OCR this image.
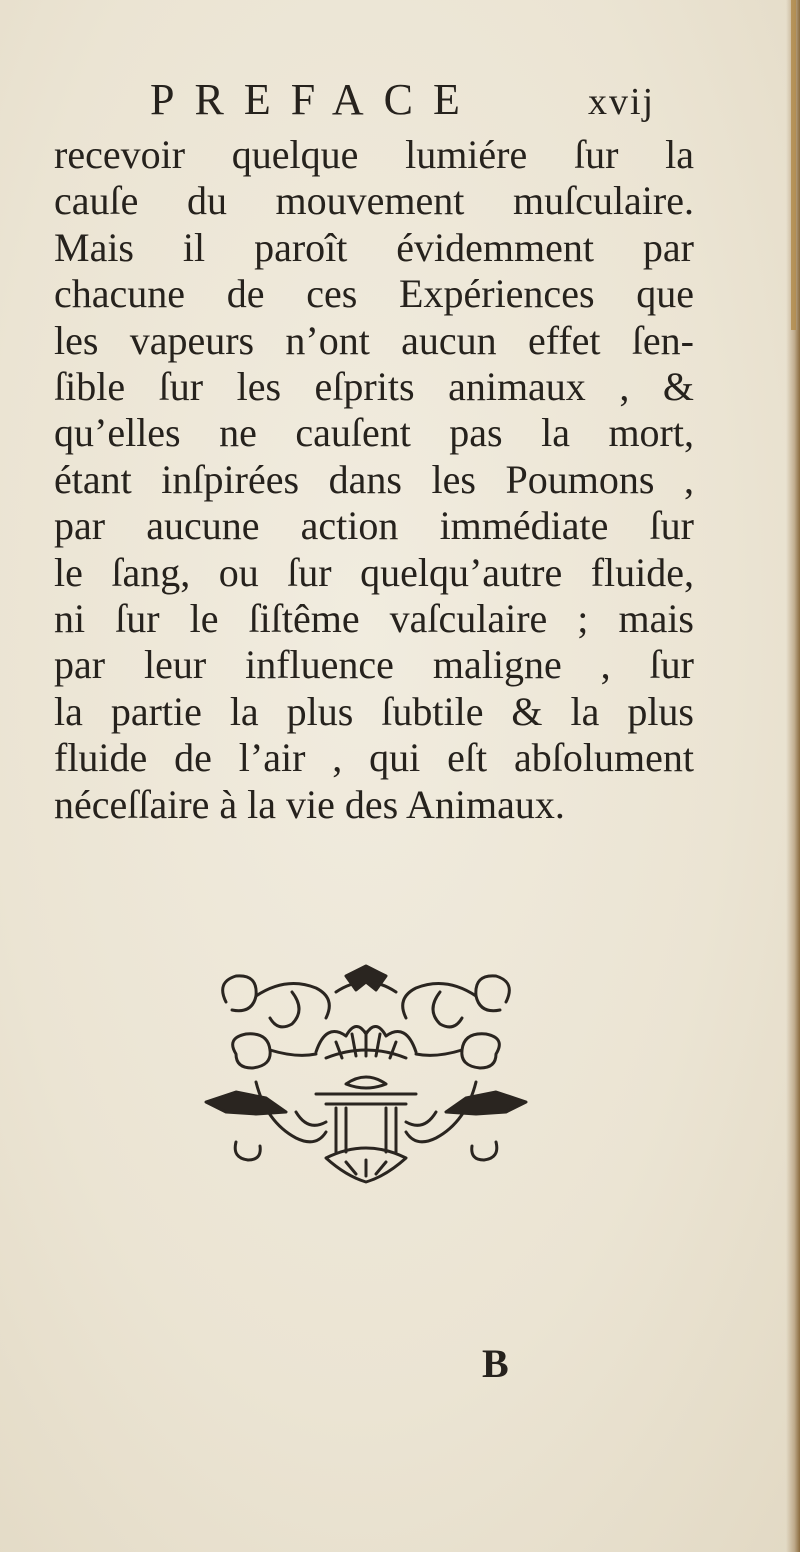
PREFACE	xvij
recevoir quelque lumiére ſur la
cauſe du mouvement muſculaire.
Mais il paroît évidemment par
chacune de ces Expériences que
les vapeurs n’ont aucun effet ſen-
ſible ſur les eſprits animaux , &
qu’elles ne cauſent pas la mort,
étant inſpirées dans les Poumons ,
par aucune action immédiate ſur
le ſang, ou ſur quelqu’autre fluide,
ni ſur le ſiſtême vaſculaire ; mais
par leur influence maligne , ſur
la partie la plus ſubtile & la plus
fluide de l’air , qui eſt abſolument
néceſſaire à la vie des Animaux.
B
